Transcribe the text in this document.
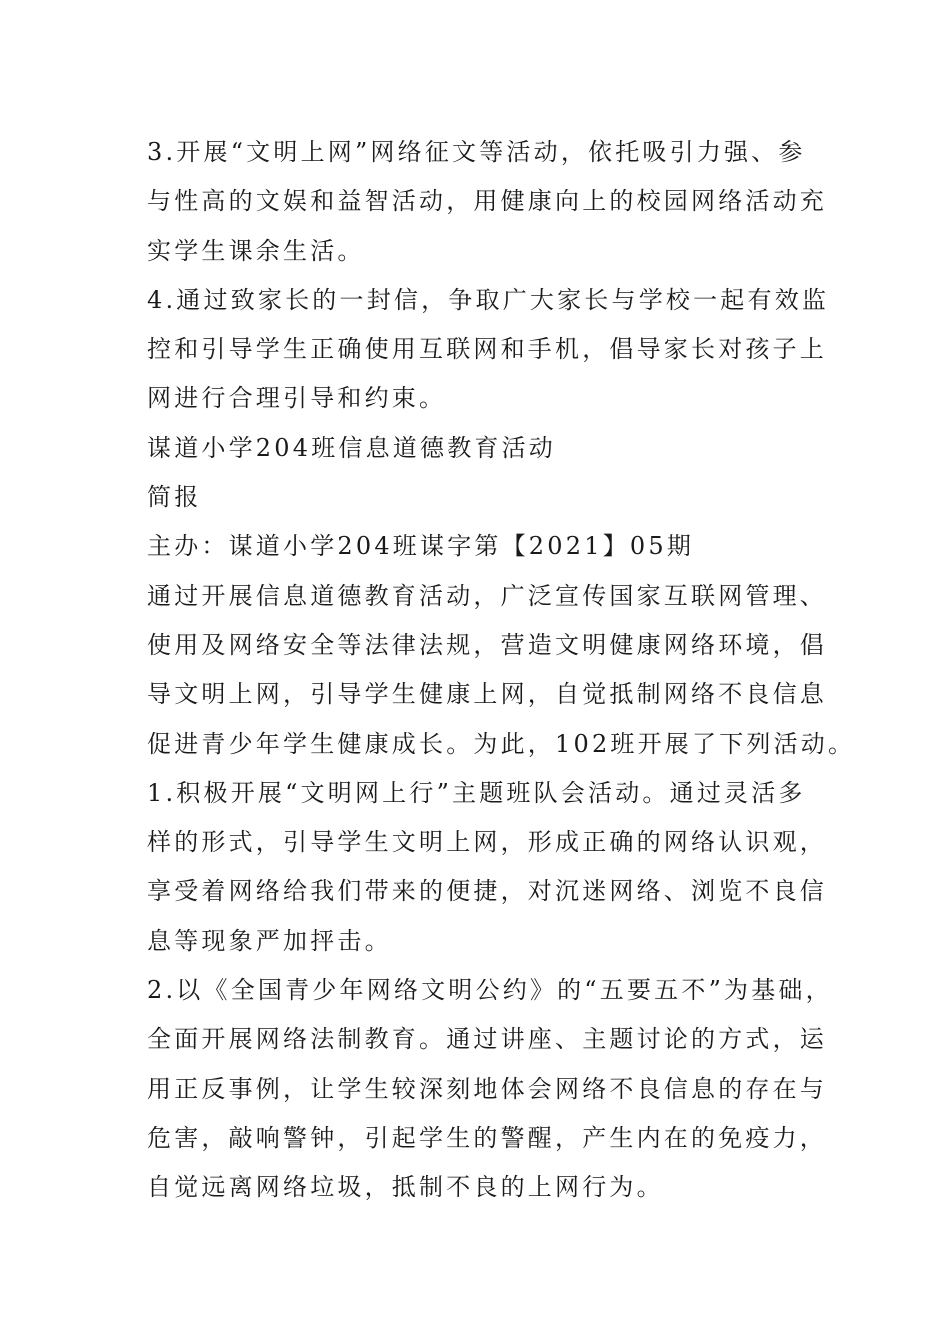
3.开展“文明上网”网络征文等活动，依托吸引力强、参
与性高的文娱和益智活动，用健康向上的校园网络活动充
实学生课余生活。
4.通过致家长的一封信，争取广大家长与学校一起有效监
控和引导学生正确使用互联网和手机，倡导家长对孩子上
网进行合理引导和约束。
谋道小学204班信息道德教育活动
简报
主办：谋道小学204班谋字第【2021】05期
通过开展信息道德教育活动，广泛宣传国家互联网管理、
使用及网络安全等法律法规，营造文明健康网络环境，倡
导文明上网，引导学生健康上网，自觉抵制网络不良信息
促进青少年学生健康成长。为此，102班开展了下列活动。
1.积极开展“文明网上行”主题班队会活动。通过灵活多
样的形式，引导学生文明上网，形成正确的网络认识观，
享受着网络给我们带来的便捷，对沉迷网络、浏览不良信
息等现象严加抨击。
2.以《全国青少年网络文明公约》的“五要五不”为基础，
全面开展网络法制教育。通过讲座、主题讨论的方式，运
用正反事例，让学生较深刻地体会网络不良信息的存在与
危害，敲响警钟，引起学生的警醒，产生内在的免疫力，
自觉远离网络垃圾，抵制不良的上网行为。
